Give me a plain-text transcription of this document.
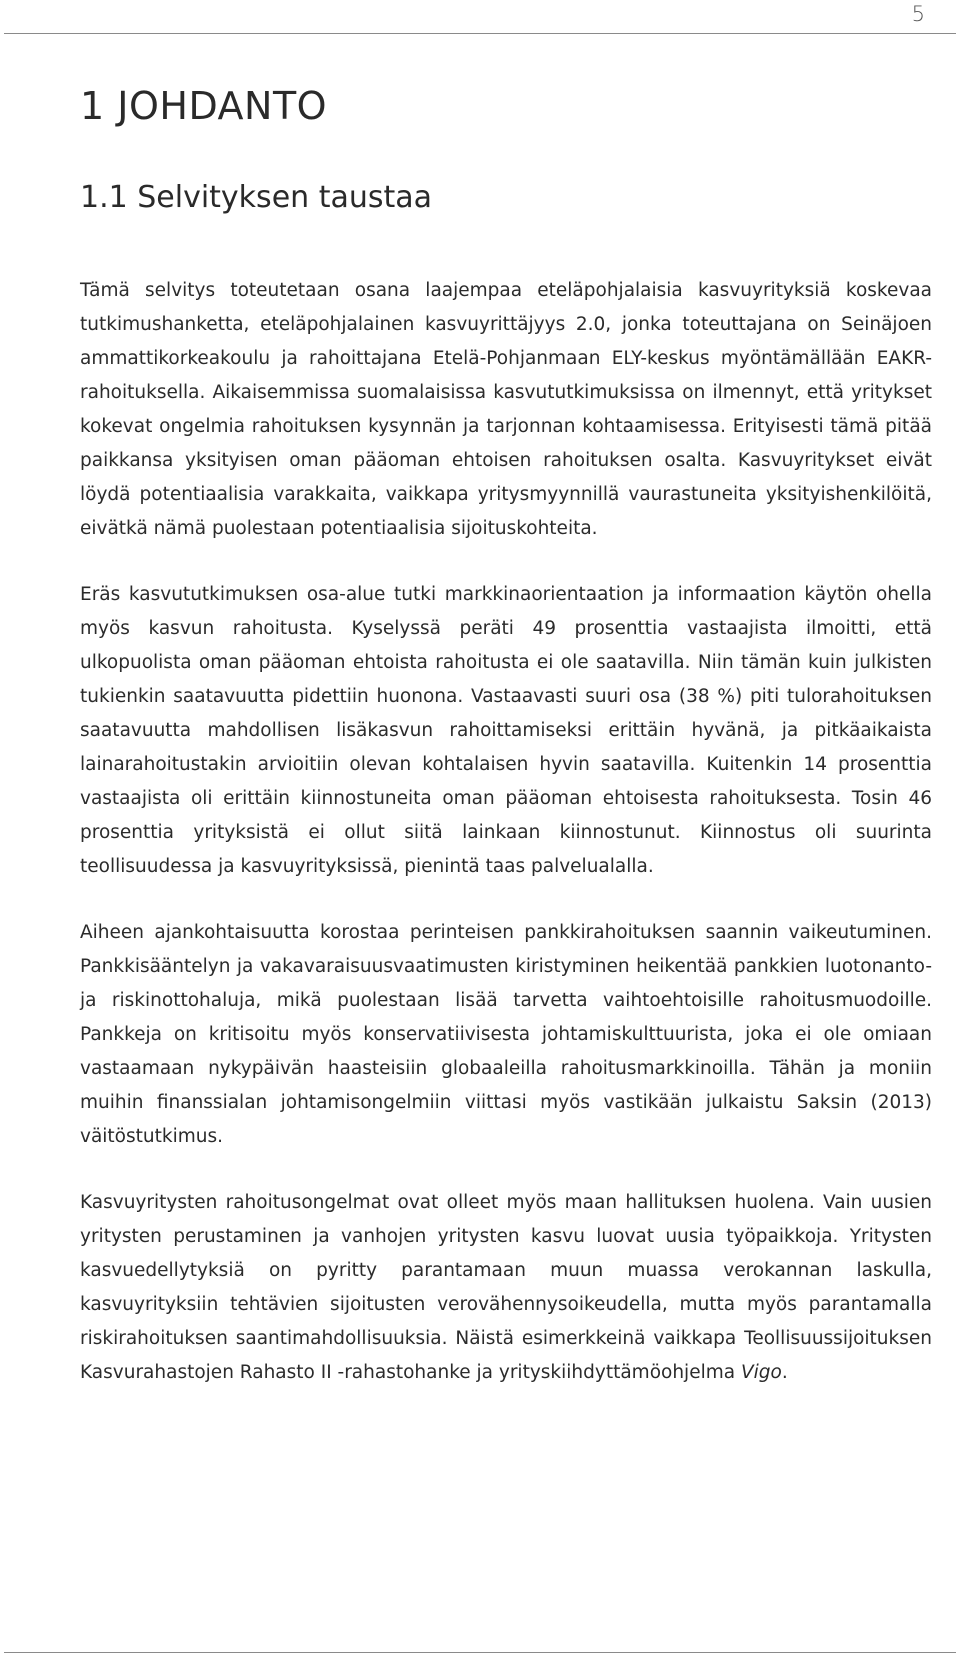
5
1 JOHDANTO
1.1 Selvityksen taustaa

Tämä selvitys toteutetaan osana laajempaa eteläpohjalaisia kasvuyrityksiä koskevaa tutkimushanketta, eteläpohjalainen kasvuyrittäjyys 2.0, jonka toteuttajana on Seinäjoen ammattikorkeakoulu ja rahoittajana Etelä-Pohjanmaan ELY-keskus myöntämällään EAKR-rahoituksella. Aikaisemmissa suomalaisissa kasvututkimuksissa on ilmennyt, että yritykset kokevat ongelmia rahoituksen kysynnän ja tarjonnan kohtaamisessa. Erityisesti tämä pitää paikkansa yksityisen oman pääoman ehtoisen rahoituksen osalta. Kasvuyritykset eivät löydä potentiaalisia varakkaita, vaikkapa yritysmyynnillä vaurastuneita yksityishenkilöitä, eivätkä nämä puolestaan potentiaalisia sijoituskohteita.

Eräs kasvututkimuksen osa-alue tutki markkinaorientaation ja informaation käytön ohella myös kasvun rahoitusta. Kyselyssä peräti 49 prosenttia vastaajista ilmoitti, että ulkopuolista oman pääoman ehtoista rahoitusta ei ole saatavilla. Niin tämän kuin julkisten tukienkin saatavuutta pidettiin huonona. Vastaavasti suuri osa (38 %) piti tulorahoituksen saatavuutta mahdollisen lisäkasvun rahoittamiseksi erittäin hyvänä, ja pitkäaikaista lainarahoitustakin arvioitiin olevan kohtalaisen hyvin saatavilla. Kuitenkin 14 prosenttia vastaajista oli erittäin kiinnostuneita oman pääoman ehtoisesta rahoituksesta. Tosin 46 prosenttia yrityksistä ei ollut siitä lainkaan kiinnostunut. Kiinnostus oli suurinta teollisuudessa ja kasvuyrityksissä, pienintä taas palvelualalla.

Aiheen ajankohtaisuutta korostaa perinteisen pankkirahoituksen saannin vaikeutuminen. Pankkisääntelyn ja vakavaraisuusvaatimusten kiristyminen heikentää pankkien luotonanto- ja riskinottohaluja, mikä puolestaan lisää tarvetta vaihtoehtoisille rahoitusmuodoille. Pankkeja on kritisoitu myös konservatiivisesta johtamiskulttuurista, joka ei ole omiaan vastaamaan nykypäivän haasteisiin globaaleilla rahoitusmarkkinoilla. Tähän ja moniin muihin finanssialan johtamisongelmiin viittasi myös vastikään julkaistu Saksin (2013) väitöstutkimus.

Kasvuyritysten rahoitusongelmat ovat olleet myös maan hallituksen huolena. Vain uusien yritysten perustaminen ja vanhojen yritysten kasvu luovat uusia työpaikkoja. Yritysten kasvuedellytyksiä on pyritty parantamaan muun muassa verokannan laskulla, kasvuyrityksiin tehtävien sijoitusten verovähennysoikeudella, mutta myös parantamalla riskirahoituksen saantimahdollisuuksia. Näistä esimerkkeinä vaikkapa Teollisuussijoituksen Kasvurahastojen Rahasto II -rahastohanke ja yrityskiihdyttämöohjelma Vigo.
